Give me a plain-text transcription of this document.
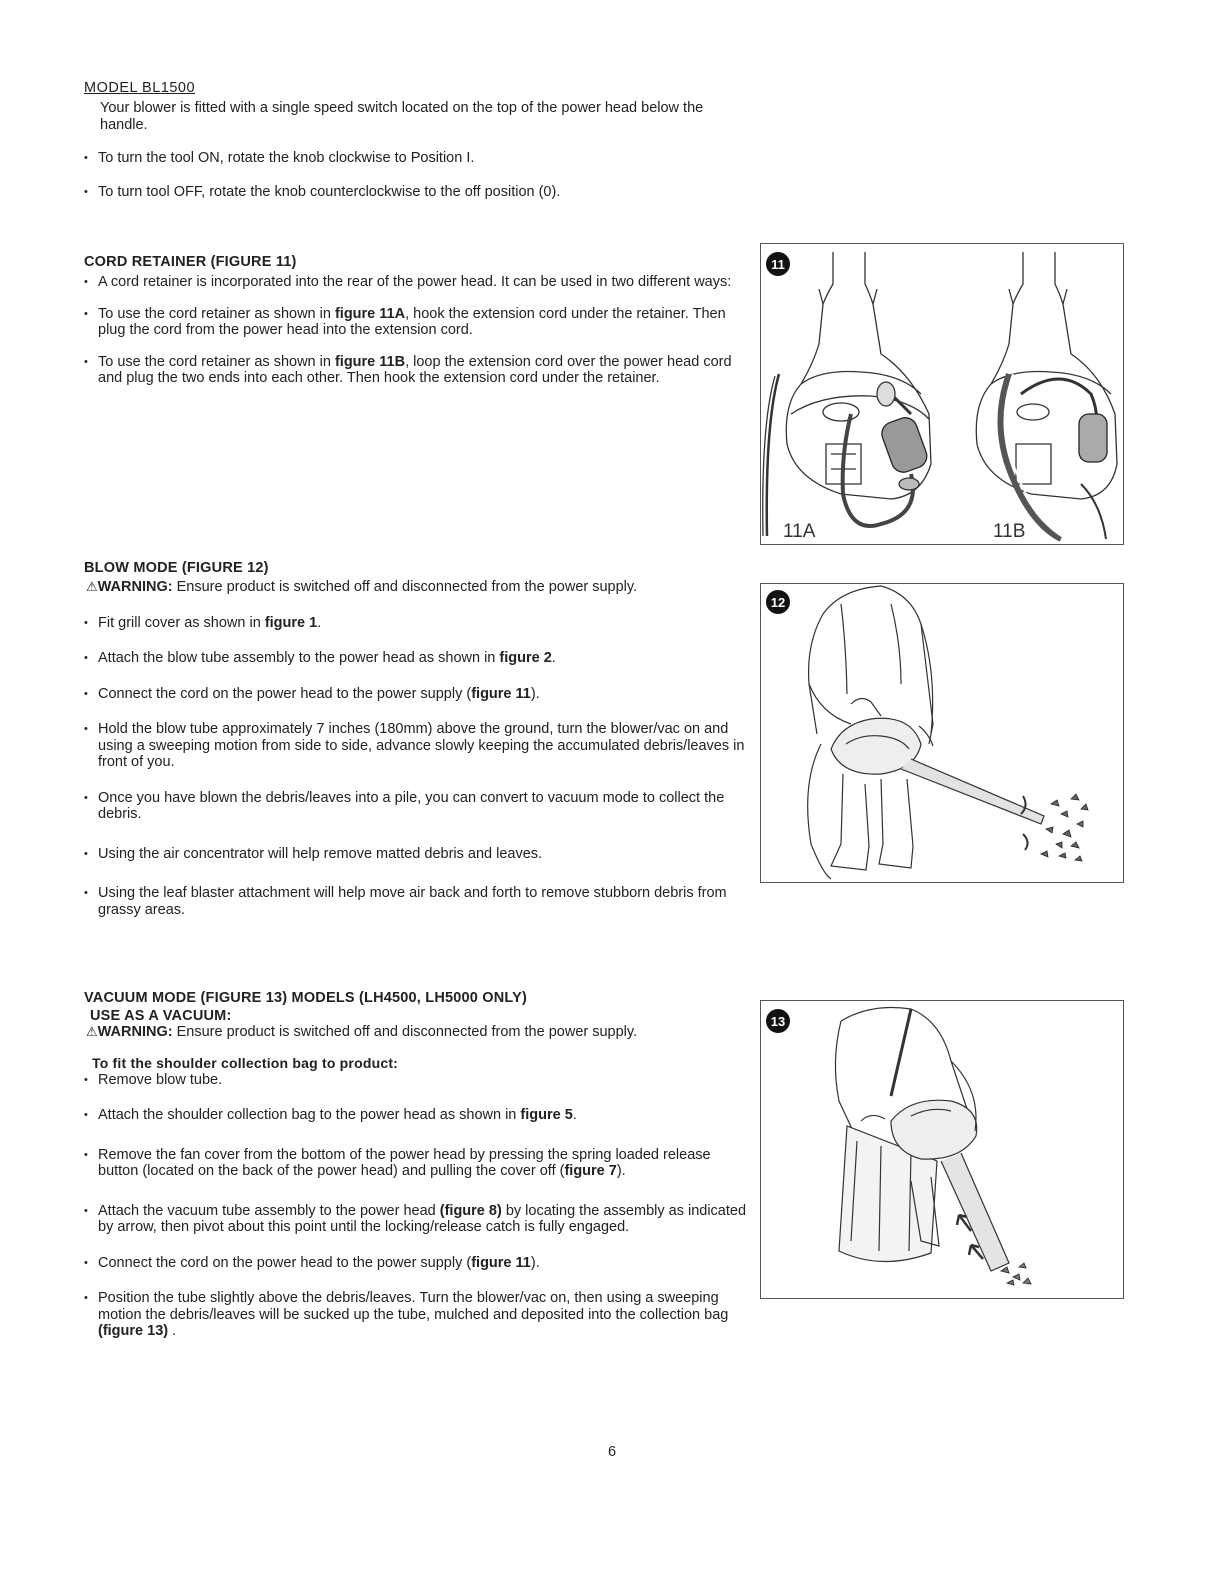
MODEL BL1500

Your blower is fitted with a single speed switch located on the top of the power head below the handle.

• To turn the tool ON, rotate the knob clockwise to Position I.

• To turn tool OFF, rotate the knob counterclockwise to the off position (0).

CORD RETAINER (FIGURE 11)

• A cord retainer is incorporated into the rear of the power head. It can be used in two different ways:

• To use the cord retainer as shown in figure 11A, hook the extension cord under the retainer. Then plug the cord from the power head into the extension cord.

• To use the cord retainer as shown in figure 11B, loop the extension cord over the power head cord and plug the two ends into each other. Then hook the extension cord under the retainer.

BLOW MODE (FIGURE 12)

⚠WARNING: Ensure product is switched off and disconnected from the power supply.

• Fit grill cover as shown in figure 1.

• Attach the blow tube assembly to the power head as shown in figure 2.

• Connect the cord on the power head to the power supply (figure 11).

• Hold the blow tube approximately 7 inches (180mm) above the ground, turn the blower/vac on and using a sweeping motion from side to side, advance slowly keeping the accumulated debris/leaves in front of you.

• Once you have blown the debris/leaves into a pile, you can convert to vacuum mode to collect the debris.

• Using the air concentrator will help remove matted debris and leaves.

• Using the leaf blaster attachment will help move air back and forth to remove stubborn debris from grassy areas.

VACUUM MODE (FIGURE 13) MODELS (LH4500, LH5000 ONLY)

USE AS A VACUUM:

⚠WARNING: Ensure product is switched off and disconnected from the power supply.

To fit the shoulder collection bag to product:

• Remove blow tube.

• Attach the shoulder collection bag to the power head as shown in figure 5.

• Remove the fan cover from the bottom of the power head by pressing the spring loaded release button (located on the back of the power head) and pulling the cover off (figure 7).

• Attach the vacuum tube assembly to the power head (figure 8) by locating the assembly as indicated by arrow, then pivot about this point until the locking/release catch is fully engaged.

• Connect the cord on the power head to the power supply (figure 11).

• Position the tube slightly above the debris/leaves. Turn the blower/vac on, then using a sweeping motion the debris/leaves will be sucked up the tube, mulched and deposited into the collection bag (figure 13) .

11
11A	11B
12
13
6
